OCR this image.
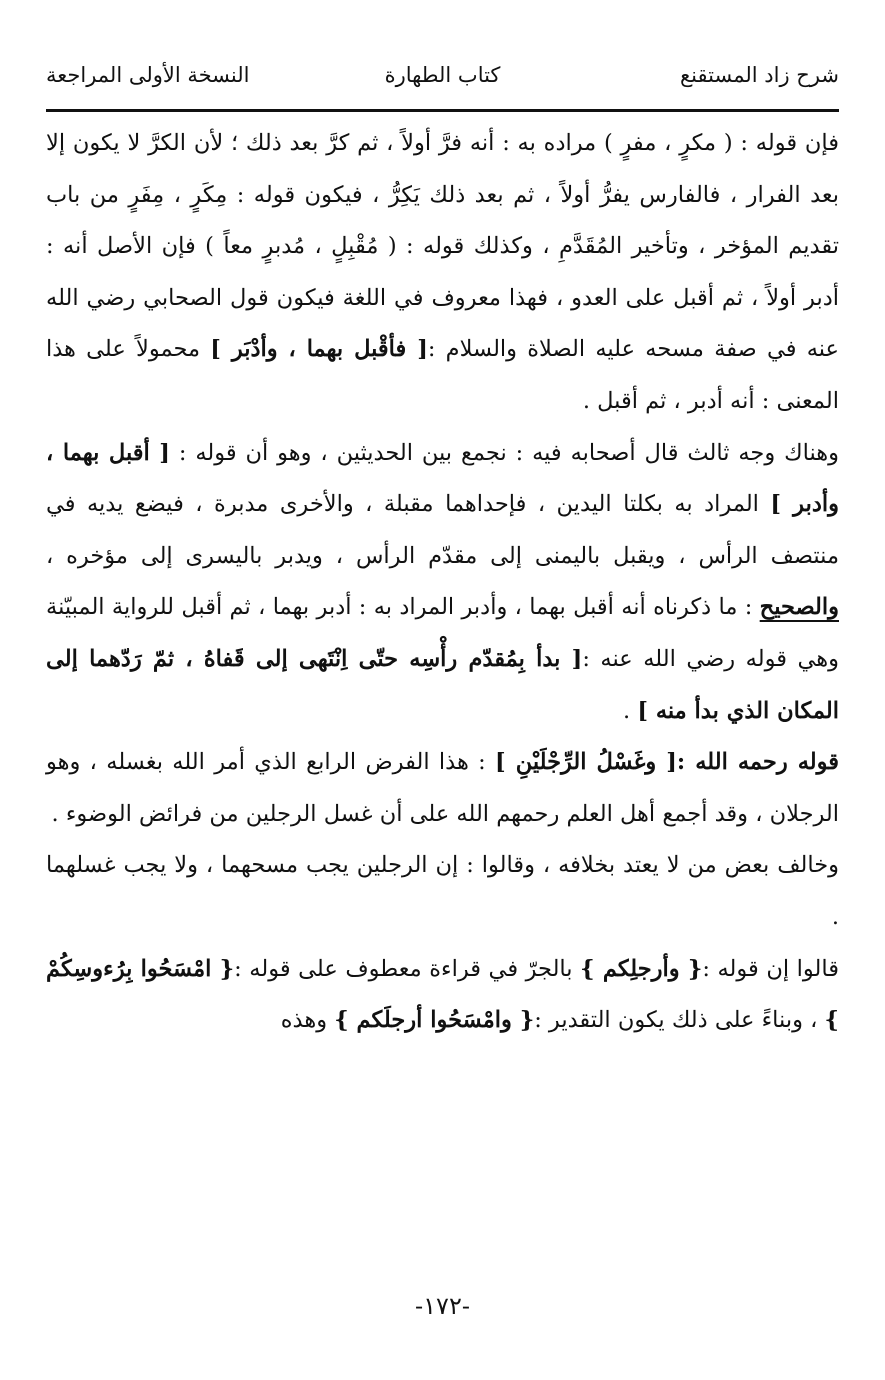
شرح زاد المستقنع
كتاب الطهارة
النسخة الأولى المراجعة

فإن قوله : ( مكرٍ ، مفرٍ ) مراده به : أنه فرَّ أولاً ، ثم كرَّ بعد ذلك ؛ لأن الكرَّ لا يكون إلا بعد الفرار ، فالفارس يفرُّ أولاً ، ثم بعد ذلك يَكِرُّ ، فيكون قوله : مِكَرٍ ، مِفَرٍ من باب تقديم المؤخر ، وتأخير المُقَدَّمِ ، وكذلك قوله : ( مُقْبِلٍ ، مُدبرٍ معاً ) فإن الأصل أنه : أدبر أولاً ، ثم أقبل على العدو ، فهذا معروف في اللغة فيكون قول الصحابي رضي الله عنه في صفة مسحه عليه الصلاة والسلام :[ فأقْبل بهما ، وأدْبَر ] محمولاً على هذا المعنى : أنه أدبر ، ثم أقبل .

وهناك وجه ثالث قال أصحابه فيه : نجمع بين الحديثين ، وهو أن قوله : [ أقبل بهما ، وأدبر ] المراد به بكلتا اليدين ، فإحداهما مقبلة ، والأخرى مدبرة ، فيضع يديه في منتصف الرأس ، ويقبل باليمنى إلى مقدّم الرأس ، ويدبر باليسرى إلى مؤخره ، والصحيح : ما ذكرناه أنه أقبل بهما ، وأدبر المراد به : أدبر بهما ، ثم أقبل للرواية المبيّنة وهي قوله رضي الله عنه :[ بدأ بِمُقدّم رأْسِه حتّى اِنْتَهى إلى قَفاهُ ، ثمّ رَدّهما إلى المكان الذي بدأ منه ] .

قوله رحمه الله :[ وغَسْلُ الرِّجْلَيْنِ ] : هذا الفرض الرابع الذي أمر الله بغسله ، وهو الرجلان ، وقد أجمع أهل العلم رحمهم الله على أن غسل الرجلين من فرائض الوضوء .

وخالف بعض من لا يعتد بخلافه ، وقالوا : إن الرجلين يجب مسحهما ، ولا يجب غسلهما .

قالوا إن قوله :{ وأرجلِكم } بالجرّ في قراءة معطوف على قوله :{ امْسَحُوا بِرُءوسِكُمْ } ، وبناءً على ذلك يكون التقدير :{ وامْسَحُوا أرجلَكم } وهذه

-١٧٢-
